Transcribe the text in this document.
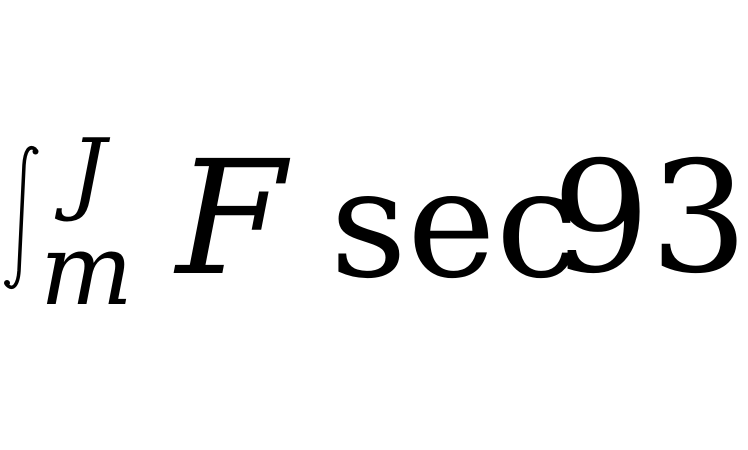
J
m F sec
93
